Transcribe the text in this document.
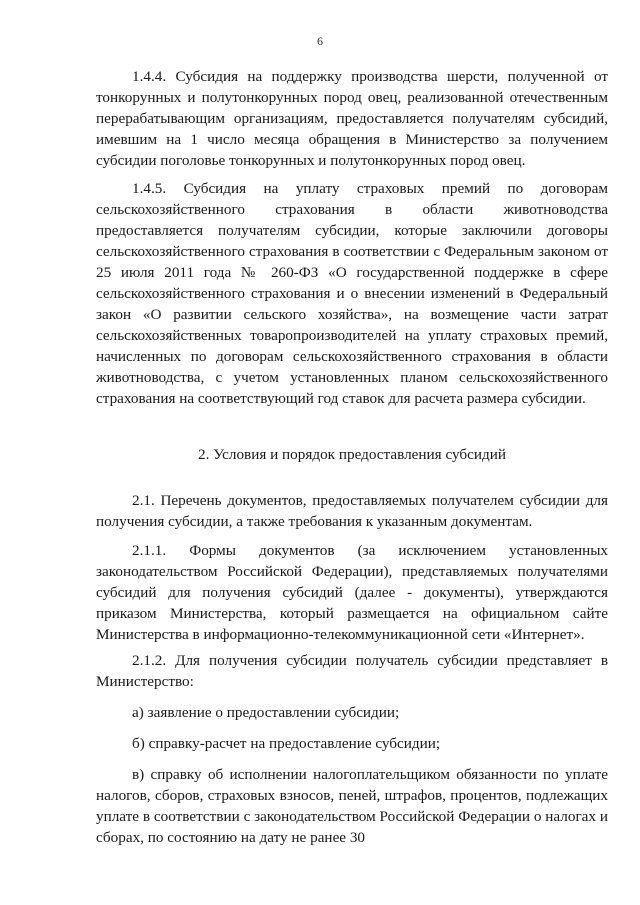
6

1.4.4. Субсидия на поддержку производства шерсти, полученной от тонкорунных и полутонкорунных пород овец, реализованной отечественным перерабатывающим организациям, предоставляется получателям субсидий, имевшим на 1 число месяца обращения в Министерство за получением субсидии поголовье тонкорунных и полутонкорунных пород овец.

1.4.5. Субсидия на уплату страховых премий по договорам сельскохозяйственного страхования в области животноводства предоставляется получателям субсидии, которые заключили договоры сельскохозяйственного страхования в соответствии с Федеральным законом от 25 июля 2011 года № 260-ФЗ «О государственной поддержке в сфере сельскохозяйственного страхования и о внесении изменений в Федеральный закон «О развитии сельского хозяйства», на возмещение части затрат сельскохозяйственных товаропроизводителей на уплату страховых премий, начисленных по договорам сельскохозяйственного страхования в области животноводства, с учетом установленных планом сельскохозяйственного страхования на соответствующий год ставок для расчета размера субсидии.

2. Условия и порядок предоставления субсидий

2.1. Перечень документов, предоставляемых получателем субсидии для получения субсидии, а также требования к указанным документам.

2.1.1. Формы документов (за исключением установленных законодательством Российской Федерации), представляемых получателями субсидий для получения субсидий (далее - документы), утверждаются приказом Министерства, который размещается на официальном сайте Министерства в информационно-телекоммуникационной сети «Интернет».

2.1.2. Для получения субсидии получатель субсидии представляет в Министерство:

а) заявление о предоставлении субсидии;

б) справку-расчет на предоставление субсидии;

в) справку об исполнении налогоплательщиком обязанности по уплате налогов, сборов, страховых взносов, пеней, штрафов, процентов, подлежащих уплате в соответствии с законодательством Российской Федерации о налогах и сборах, по состоянию на дату не ранее 30
